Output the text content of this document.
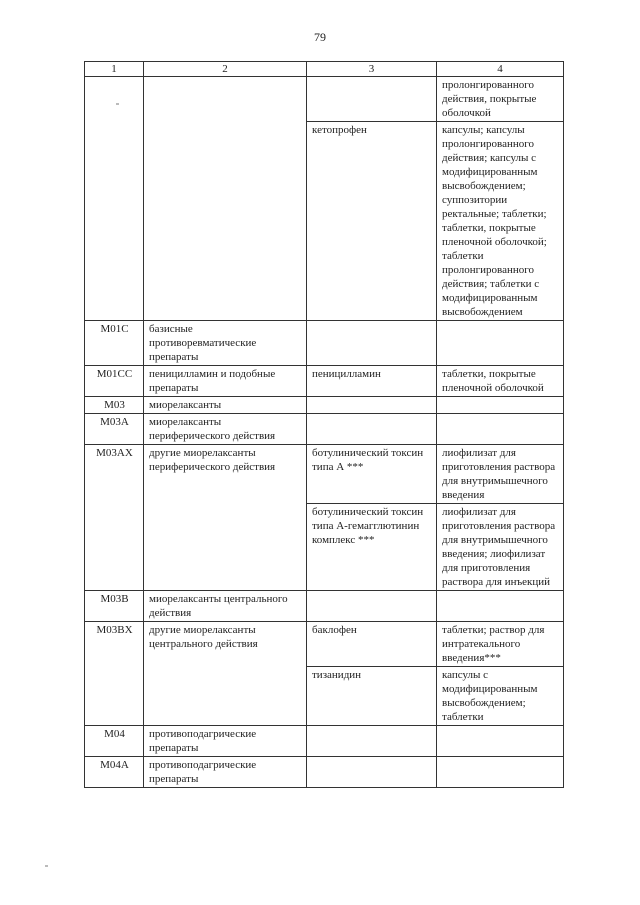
79
1	2	3	4
			пролонгированного действия, покрытые оболочкой
		кетопрофен	капсулы; капсулы пролонгированного действия; капсулы с модифицированным высвобождением; суппозитории ректальные; таблетки; таблетки, покрытые пленочной оболочкой; таблетки пролонгированного действия; таблетки с модифицированным высвобождением
M01C	базисные противоревматические препараты		
M01CC	пеницилламин и подобные препараты	пеницилламин	таблетки, покрытые пленочной оболочкой
M03	миорелаксанты		
M03A	миорелаксанты периферического действия		
M03AX	другие миорелаксанты периферического действия	ботулинический токсин типа А ***	лиофилизат для приготовления раствора для внутримышечного введения
		ботулинический токсин типа А-гемагглютинин комплекс ***	лиофилизат для приготовления раствора для внутримышечного введения; лиофилизат для приготовления раствора для инъекций
M03B	миорелаксанты центрального действия		
M03BX	другие миорелаксанты центрального действия	баклофен	таблетки; раствор для интратекального введения***
		тизанидин	капсулы с модифицированным высвобождением; таблетки
M04	противоподагрические препараты		
M04A	противоподагрические препараты		
